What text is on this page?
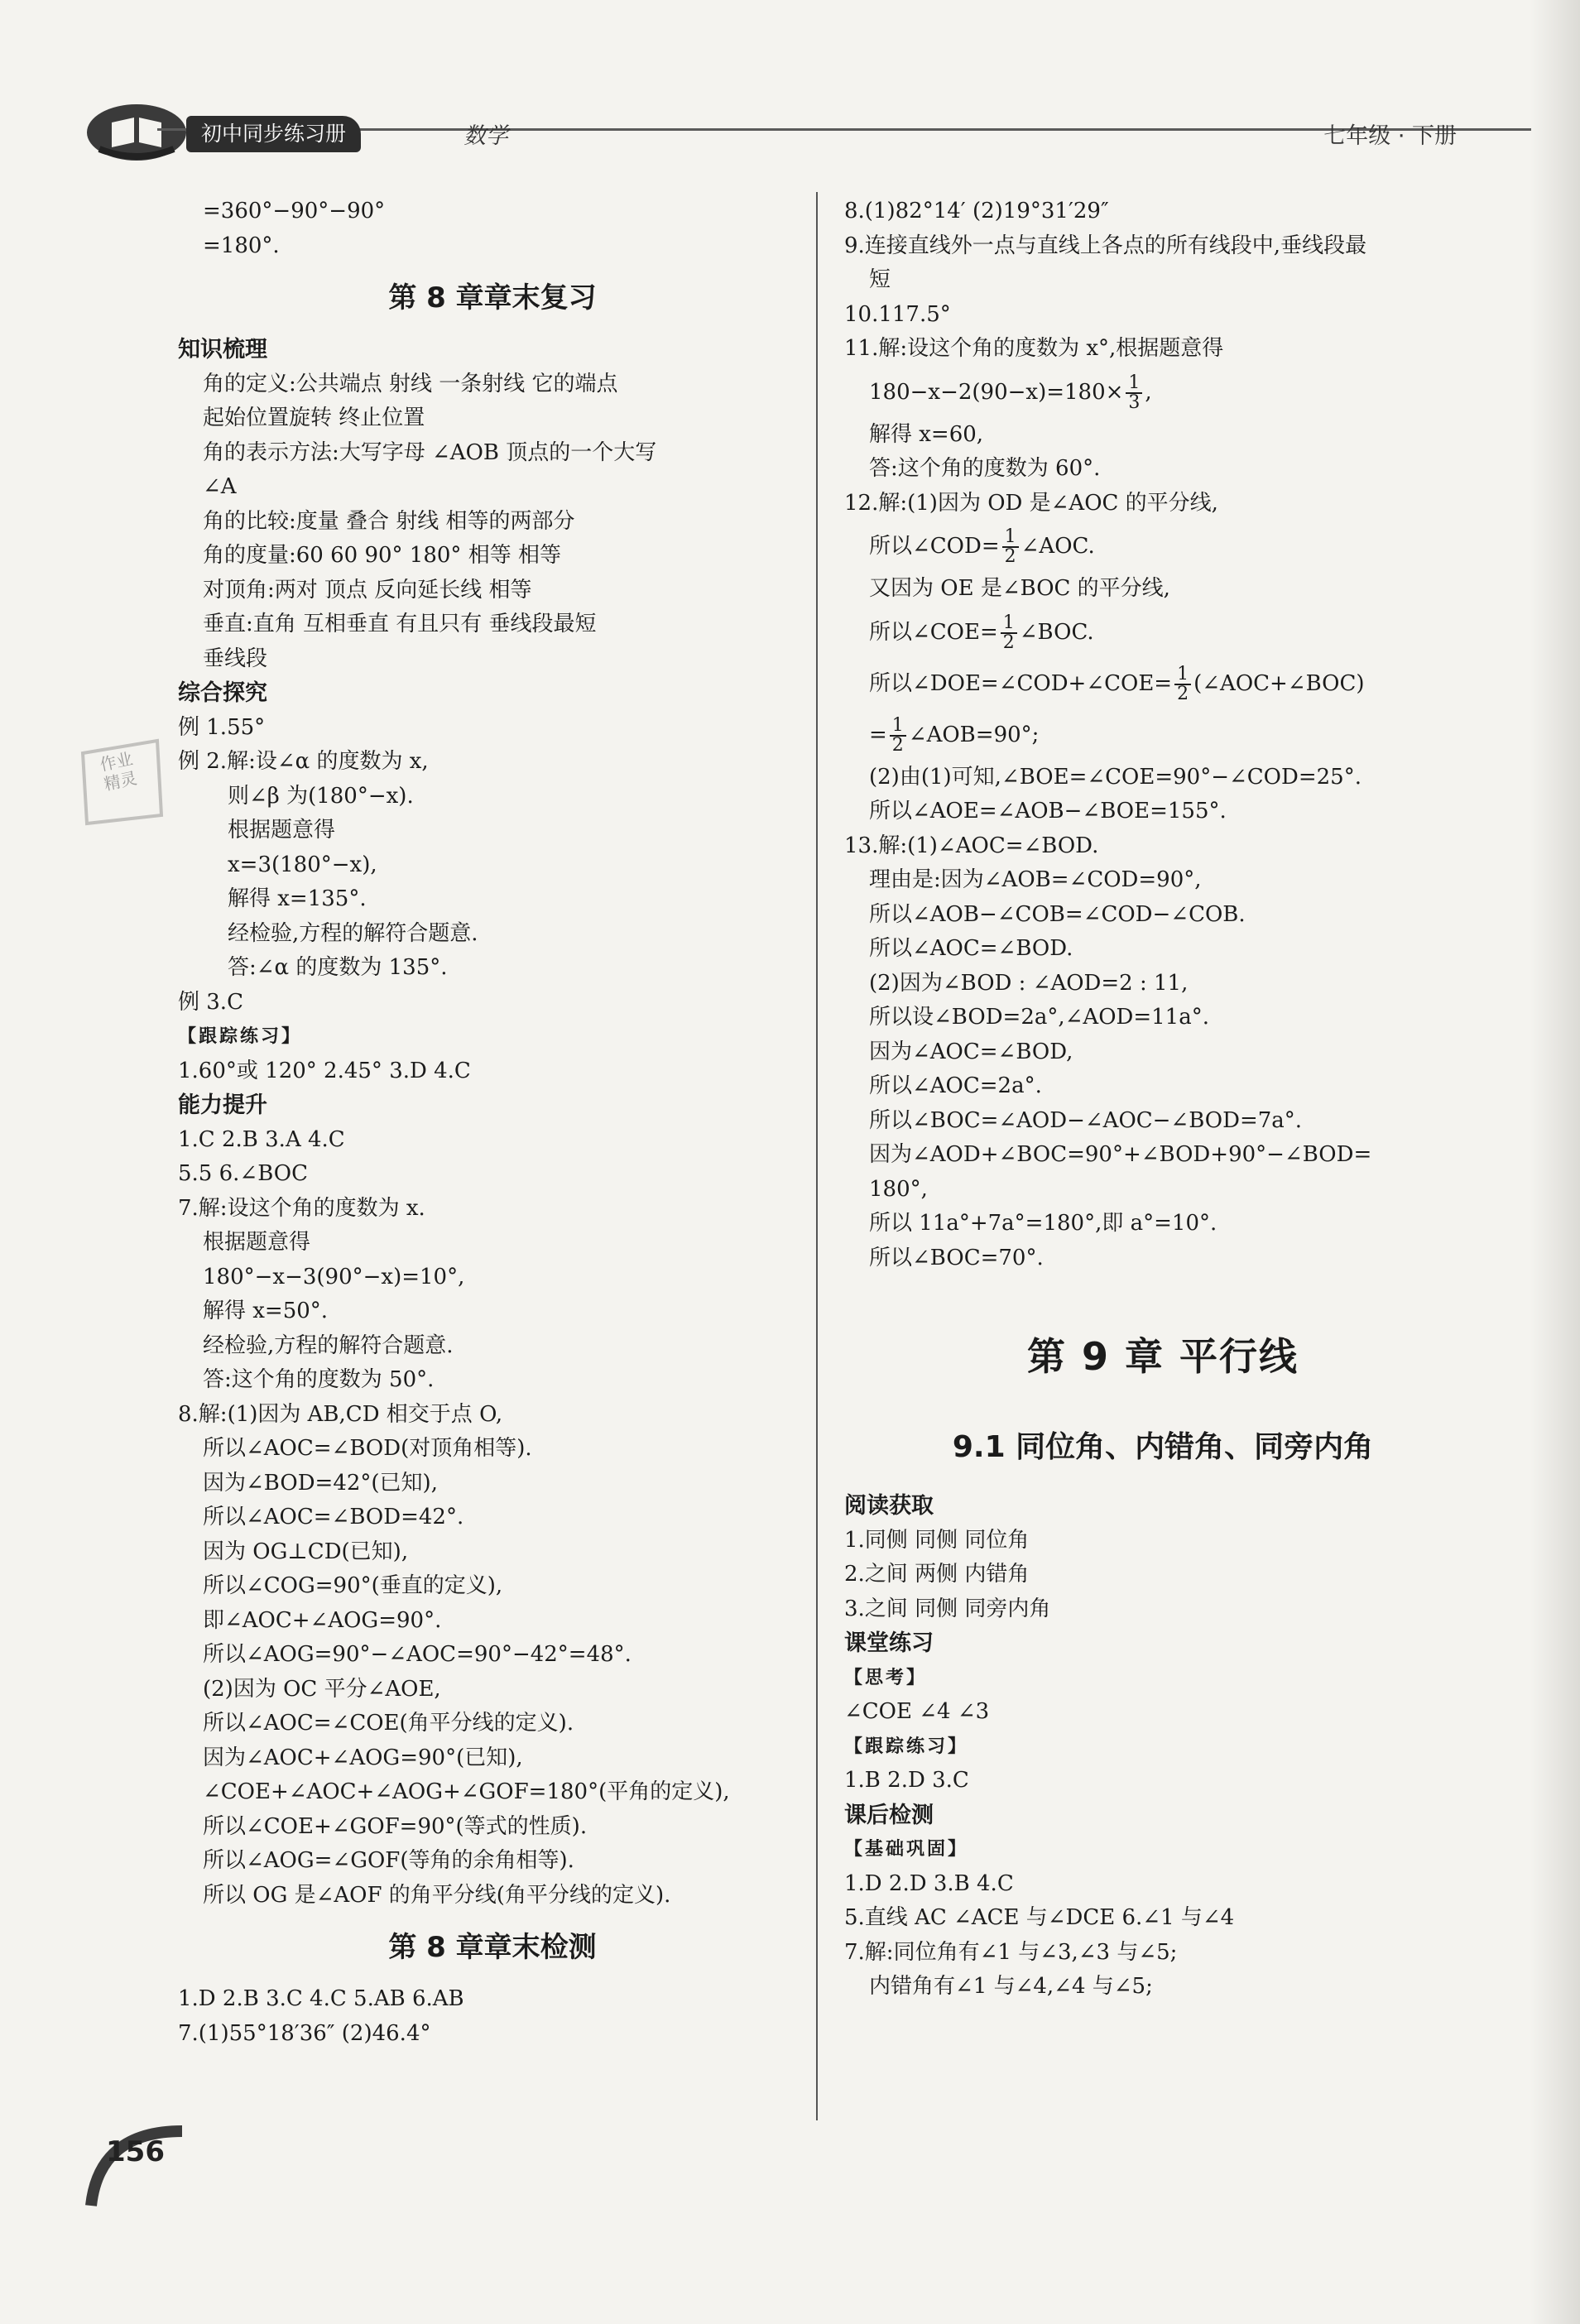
初中同步练习册	数学	七年级 · 下册
作业
精灵
=360°−90°−90°
=180°.
第 8 章章末复习
知识梳理
角的定义:公共端点 射线 一条射线 它的端点
起始位置旋转 终止位置
角的表示方法:大写字母 ∠AOB 顶点的一个大写
∠A
角的比较:度量 叠合 射线 相等的两部分
角的度量:60 60 90° 180° 相等 相等
对顶角:两对 顶点 反向延长线 相等
垂直:直角 互相垂直 有且只有 垂线段最短
垂线段
综合探究
例 1.55°
例 2.解:设∠α 的度数为 x,
则∠β 为(180°−x).
根据题意得
x=3(180°−x),
解得 x=135°.
经检验,方程的解符合题意.
答:∠α 的度数为 135°.
例 3.C
【跟踪练习】
1.60°或 120° 2.45° 3.D 4.C
能力提升
1.C 2.B 3.A 4.C
5.5 6.∠BOC
7.解:设这个角的度数为 x.
根据题意得
180°−x−3(90°−x)=10°,
解得 x=50°.
经检验,方程的解符合题意.
答:这个角的度数为 50°.
8.解:(1)因为 AB,CD 相交于点 O,
所以∠AOC=∠BOD(对顶角相等).
因为∠BOD=42°(已知),
所以∠AOC=∠BOD=42°.
因为 OG⊥CD(已知),
所以∠COG=90°(垂直的定义),
即∠AOC+∠AOG=90°.
所以∠AOG=90°−∠AOC=90°−42°=48°.
(2)因为 OC 平分∠AOE,
所以∠AOC=∠COE(角平分线的定义).
因为∠AOC+∠AOG=90°(已知),
∠COE+∠AOC+∠AOG+∠GOF=180°(平角的定义),
所以∠COE+∠GOF=90°(等式的性质).
所以∠AOG=∠GOF(等角的余角相等).
所以 OG 是∠AOF 的角平分线(角平分线的定义).
第 8 章章末检测
1.D 2.B 3.C 4.C 5.AB 6.AB
7.(1)55°18′36″ (2)46.4°
8.(1)82°14′ (2)19°31′29″
9.连接直线外一点与直线上各点的所有线段中,垂线段最
短
10.117.5°
11.解:设这个角的度数为 x°,根据题意得
$180-x-2(90-x)=180\times \frac{1}{3}$ ,
解得 x=60,
答:这个角的度数为 60°.
12.解:(1)因为 OD 是∠AOC 的平分线,
所以∠COD= $\frac{1}{2}$ ∠AOC.
又因为 OE 是∠BOC 的平分线,
所以∠COE= $\frac{1}{2}$ ∠BOC.
所以∠DOE=∠COD+∠COE= $\frac{1}{2}$ (∠AOC+∠BOC)
= $\frac{1}{2}$ ∠AOB=90°;
(2)由(1)可知,∠BOE=∠COE=90°−∠COD=25°.
所以∠AOE=∠AOB−∠BOE=155°.
13.解:(1)∠AOC=∠BOD.
理由是:因为∠AOB=∠COD=90°,
所以∠AOB−∠COB=∠COD−∠COB.
所以∠AOC=∠BOD.
(2)因为∠BOD : ∠AOD=2 : 11,
所以设∠BOD=2a°,∠AOD=11a°.
因为∠AOC=∠BOD,
所以∠AOC=2a°.
所以∠BOC=∠AOD−∠AOC−∠BOD=7a°.
因为∠AOD+∠BOC=90°+∠BOD+90°−∠BOD=
180°,
所以 11a°+7a°=180°,即 a°=10°.
所以∠BOC=70°.
第 9 章 平行线
9.1 同位角、内错角、同旁内角
阅读获取
1.同侧 同侧 同位角
2.之间 两侧 内错角
3.之间 同侧 同旁内角
课堂练习
【思考】
∠COE ∠4 ∠3
【跟踪练习】
1.B 2.D 3.C
课后检测
【基础巩固】
1.D 2.D 3.B 4.C
5.直线 AC ∠ACE 与∠DCE 6.∠1 与∠4
7.解:同位角有∠1 与∠3,∠3 与∠5;
内错角有∠1 与∠4,∠4 与∠5;
156
